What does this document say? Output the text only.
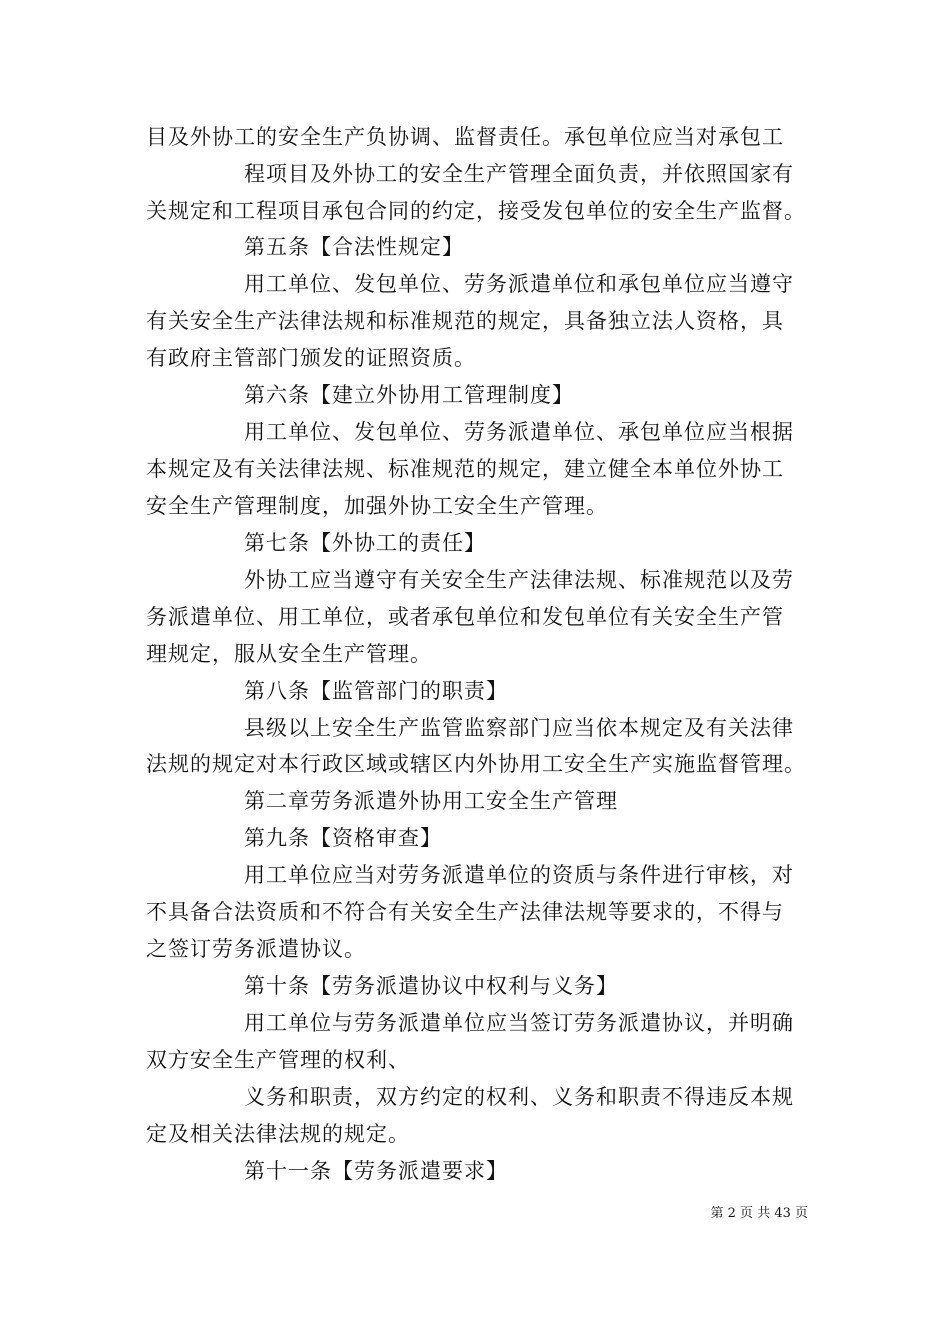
目及外协工的安全生产负协调、监督责任。承包单位应当对承包工
程项目及外协工的安全生产管理全面负责，并依照国家有
关规定和工程项目承包合同的约定，接受发包单位的安全生产监督。
第五条【合法性规定】
用工单位、发包单位、劳务派遣单位和承包单位应当遵守
有关安全生产法律法规和标准规范的规定，具备独立法人资格，具
有政府主管部门颁发的证照资质。
第六条【建立外协用工管理制度】
用工单位、发包单位、劳务派遣单位、承包单位应当根据
本规定及有关法律法规、标准规范的规定，建立健全本单位外协工
安全生产管理制度，加强外协工安全生产管理。
第七条【外协工的责任】
外协工应当遵守有关安全生产法律法规、标准规范以及劳
务派遣单位、用工单位，或者承包单位和发包单位有关安全生产管
理规定，服从安全生产管理。
第八条【监管部门的职责】
县级以上安全生产监管监察部门应当依本规定及有关法律
法规的规定对本行政区域或辖区内外协用工安全生产实施监督管理。
第二章劳务派遣外协用工安全生产管理
第九条【资格审查】
用工单位应当对劳务派遣单位的资质与条件进行审核，对
不具备合法资质和不符合有关安全生产法律法规等要求的，不得与
之签订劳务派遣协议。
第十条【劳务派遣协议中权利与义务】
用工单位与劳务派遣单位应当签订劳务派遣协议，并明确
双方安全生产管理的权利、
义务和职责，双方约定的权利、义务和职责不得违反本规
定及相关法律法规的规定。
第十一条【劳务派遣要求】
第 2 页 共 43 页
